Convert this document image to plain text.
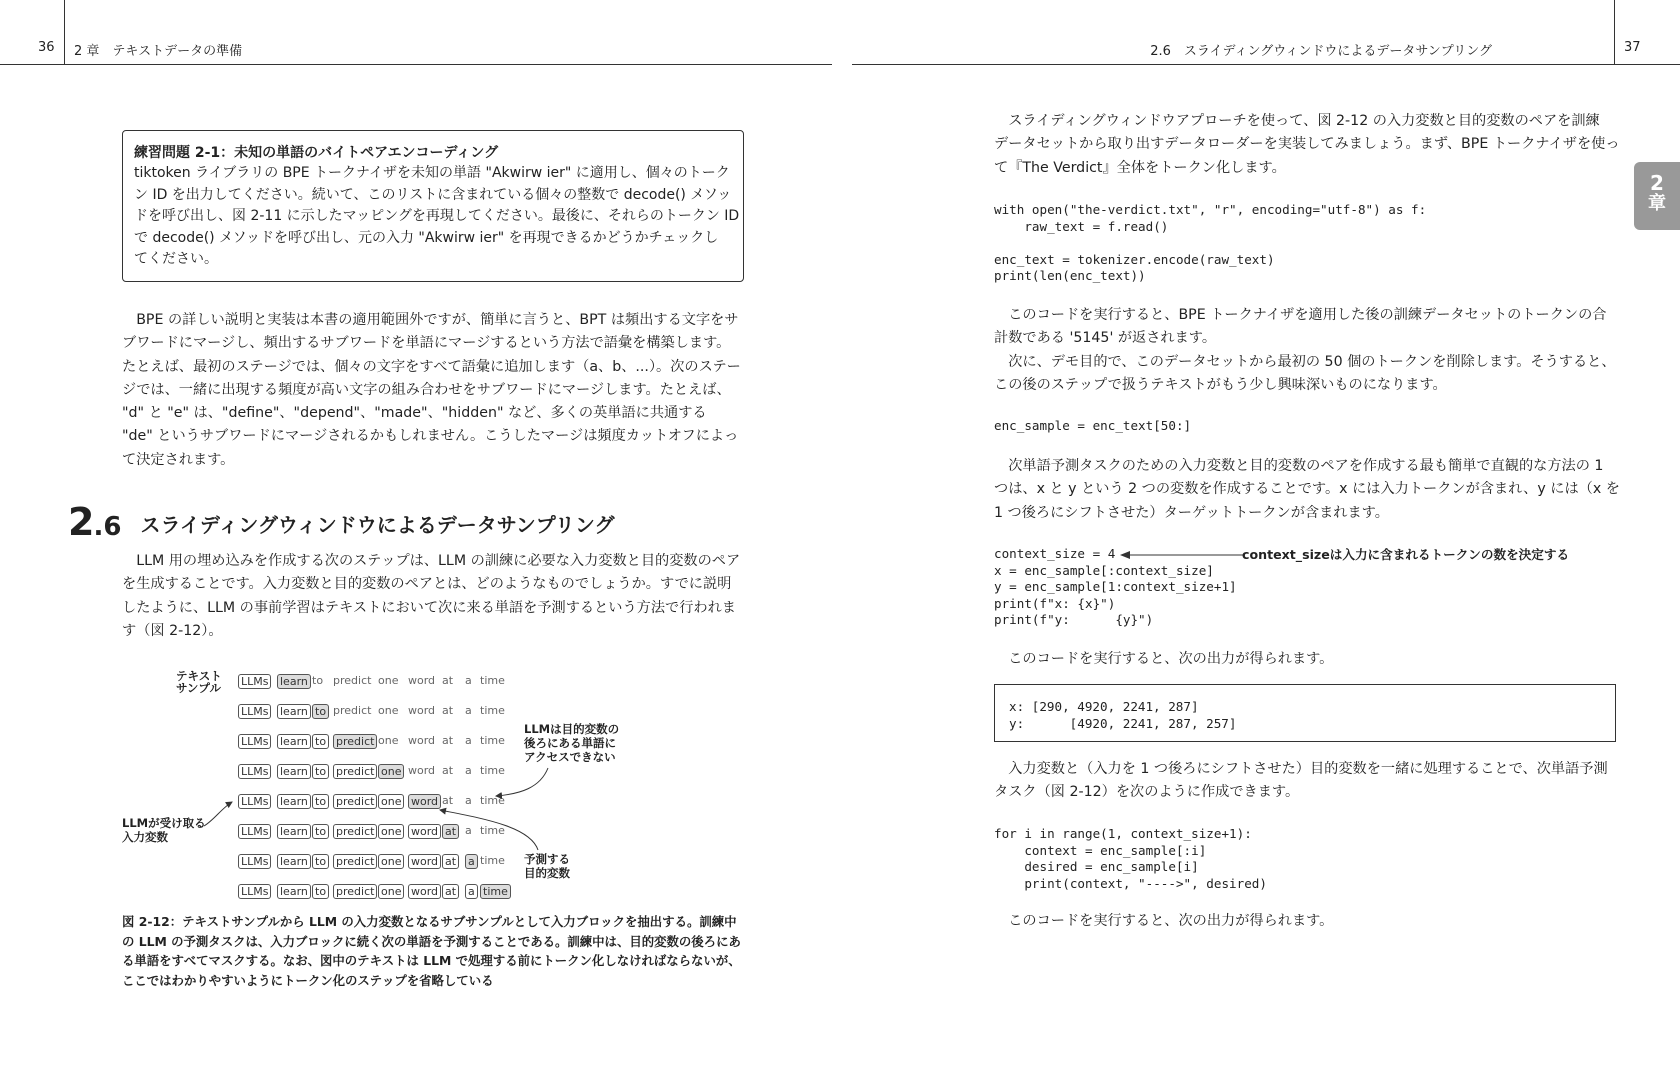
36 2 章　テキストデータの準備	2.6　スライディングウィンドウによるデータサンプリング	37
2
章
練習問題 2-1：未知の単語のバイトペアエンコーディング

tiktoken ライブラリの BPE トークナイザを未知の単語 "Akwirw ier" に適用し、個々のトーク

ン ID を出力してください。続いて、このリストに含まれている個々の整数で decode() メソッ

ドを呼び出し、図 2-11 に示したマッピングを再現してください。最後に、それらのトークン ID

で decode() メソッドを呼び出し、元の入力 "Akwirw ier" を再現できるかどうかチェックし

てください。

　BPE の詳しい説明と実装は本書の適用範囲外ですが、簡単に言うと、BPT は頻出する文字をサ

ブワードにマージし、頻出するサブワードを単語にマージするという方法で語彙を構築します。

たとえば、最初のステージでは、個々の文字をすべて語彙に追加します（a、b、...）。次のステー

ジでは、一緒に出現する頻度が高い文字の組み合わせをサブワードにマージします。たとえば、

"d" と "e" は、"define"、"depend"、"made"、"hidden" など、多くの英単語に共通する

"de" というサブワードにマージされるかもしれません。こうしたマージは頻度カットオフによっ

て決定されます。

2.6 スライディングウィンドウによるデータサンプリング

　LLM 用の埋め込みを作成する次のステップは、LLM の訓練に必要な入力変数と目的変数のペア

を生成することです。入力変数と目的変数のペアとは、どのようなものでしょうか。すでに説明

したように、LLM の事前学習はテキストにおいて次に来る単語を予測するという方法で行われま

す（図 2-12）。

テキスト
サンプル
LLMが受け取る
入力変数
LLMは目的変数の
後ろにある単語に
アクセスできない
予測する
目的変数
LLMs learn to predict one word at a time
LLMs learn to predict one word at a time
LLMs learn to predict one word at a time
LLMs learn to predict one word at a time
LLMs learn to predict one word at a time
LLMs learn to predict one word at a time
LLMs learn to predict one word at a time
LLMs learn to predict one word at a time

図 2-12：テキストサンプルから LLM の入力変数となるサブサンプルとして入力ブロックを抽出する。訓練中

の LLM の予測タスクは、入力ブロックに続く次の単語を予測することである。訓練中は、目的変数の後ろにあ

る単語をすべてマスクする。なお、図中のテキストは LLM で処理する前にトークン化しなければならないが、

ここではわかりやすいようにトークン化のステップを省略している

　スライディングウィンドウアプローチを使って、図 2-12 の入力変数と目的変数のペアを訓練

データセットから取り出すデータローダーを実装してみましょう。まず、BPE トークナイザを使っ

て『The Verdict』全体をトークン化します。

with open("the-verdict.txt", "r", encoding="utf-8") as f:
raw_text = f.read()

enc_text = tokenizer.encode(raw_text)
print(len(enc_text))

　このコードを実行すると、BPE トークナイザを適用した後の訓練データセットのトークンの合

計数である '5145' が返されます。

　次に、デモ目的で、このデータセットから最初の 50 個のトークンを削除します。そうすると、

この後のステップで扱うテキストがもう少し興味深いものになります。

enc_sample = enc_text[50:]

　次単語予測タスクのための入力変数と目的変数のペアを作成する最も簡単で直観的な方法の 1

つは、x と y という 2 つの変数を作成することです。x には入力トークンが含まれ、y には（x を

1 つ後ろにシフトさせた）ターゲットトークンが含まれます。

context_size = 4
x = enc_sample[:context_size]
y = enc_sample[1:context_size+1]
print(f"x: {x}")
print(f"y:      {y}")
context_sizeは入力に含まれるトークンの数を決定する
　このコードを実行すると、次の出力が得られます。
x: [290, 4920, 2241, 287]
y:      [4920, 2241, 287, 257]

　入力変数と（入力を 1 つ後ろにシフトさせた）目的変数を一緒に処理することで、次単語予測

タスク（図 2-12）を次のように作成できます。

for i in range(1, context_size+1):
context = enc_sample[:i]
desired = enc_sample[i]
print(context, "---->", desired)
　このコードを実行すると、次の出力が得られます。
